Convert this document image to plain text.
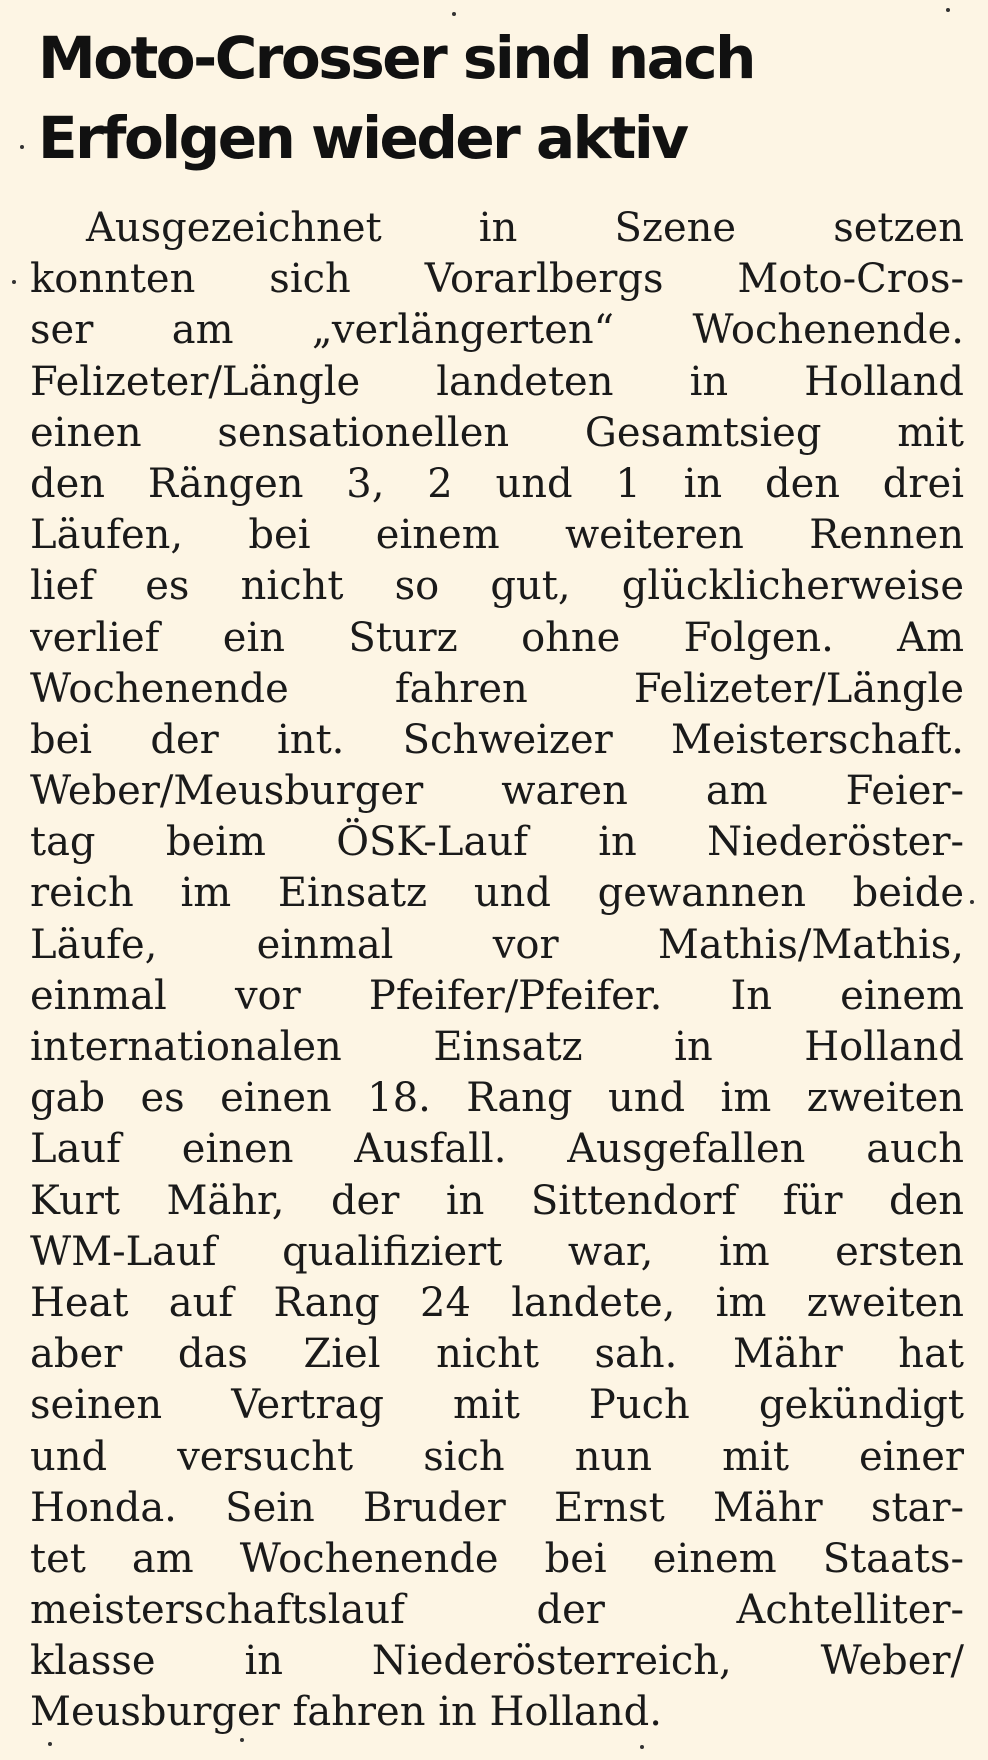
Moto-Crosser sind nach
Erfolgen wieder aktiv
Ausgezeichnet in Szene setzen
konnten sich Vorarlbergs Moto-Cros-
ser am „verlängerten“ Wochenende.
Felizeter/Längle landeten in Holland
einen sensationellen Gesamtsieg mit
den Rängen 3, 2 und 1 in den drei
Läufen, bei einem weiteren Rennen
lief es nicht so gut, glücklicherweise
verlief ein Sturz ohne Folgen. Am
Wochenende fahren Felizeter/Längle
bei der int. Schweizer Meisterschaft.
Weber/Meusburger waren am Feier-
tag beim ÖSK-Lauf in Niederöster-
reich im Einsatz und gewannen beide
Läufe, einmal vor Mathis/Mathis,
einmal vor Pfeifer/Pfeifer. In einem
internationalen Einsatz in Holland
gab es einen 18. Rang und im zweiten
Lauf einen Ausfall. Ausgefallen auch
Kurt Mähr, der in Sittendorf für den
WM-Lauf qualifiziert war, im ersten
Heat auf Rang 24 landete, im zweiten
aber das Ziel nicht sah. Mähr hat
seinen Vertrag mit Puch gekündigt
und versucht sich nun mit einer
Honda. Sein Bruder Ernst Mähr star-
tet am Wochenende bei einem Staats-
meisterschaftslauf der Achtelliter-
klasse in Niederösterreich, Weber/
Meusburger fahren in Holland.
